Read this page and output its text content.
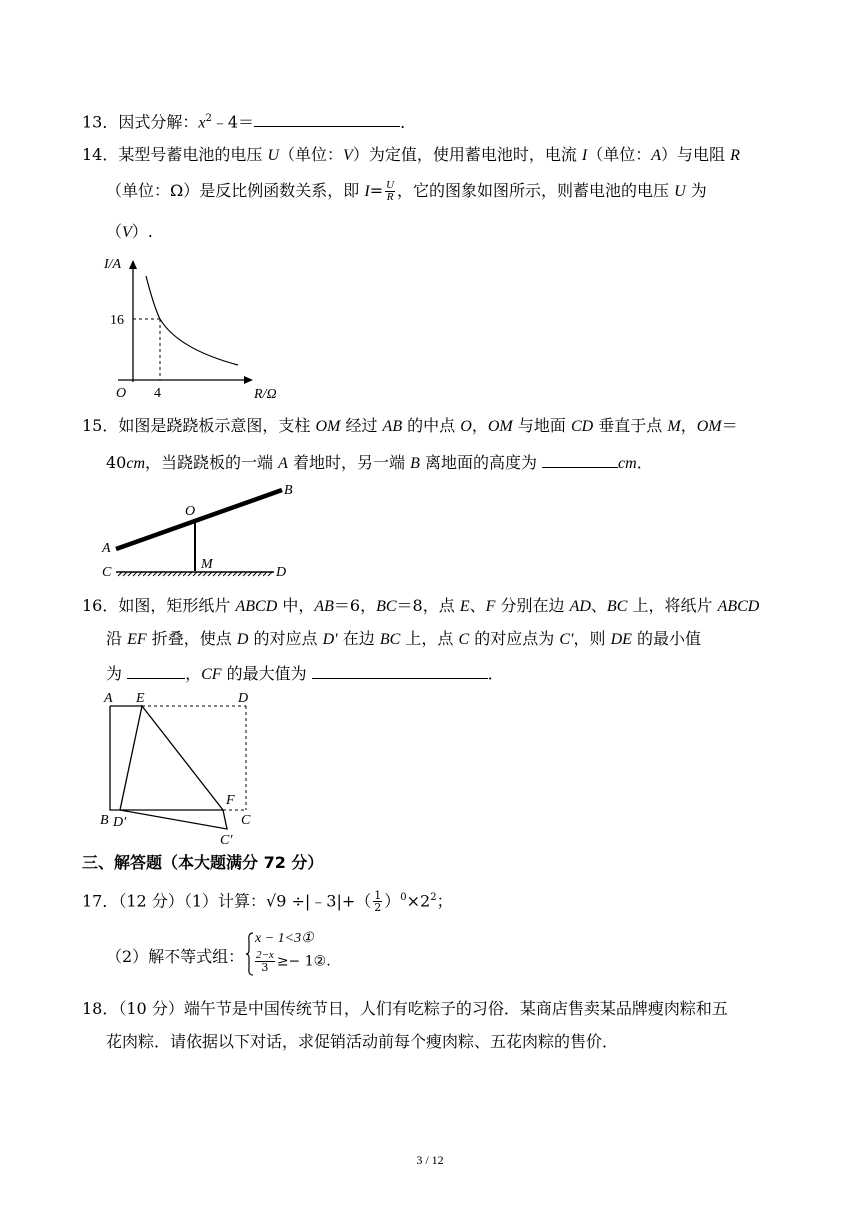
13．因式分解：$x^2﹣4=$	．
14．某型号蓄电池的电压 U（单位：V）为定值，使用蓄电池时，电流 I（单位：A）与电阻 R
（单位：Ω）是反比例函数关系，即 $I= \frac{U}{R}$ ，它的图象如图所示，则蓄电池的电压 U 为
（V）.
I/A
R/Ω
O
16
4
15．如图是跷跷板示意图，支柱 OM 经过 AB 的中点 O，OM 与地面 CD 垂直于点 M，OM＝
40cm，当跷跷板的一端 A 着地时，另一端 B 离地面的高度为	cm．
A
B
O
M
C	D
16．如图，矩形纸片 ABCD 中，AB＝6，BC＝8，点 E、F 分别在边 AD、BC 上，将纸片 ABCD
沿 EF 折叠，使点 D 的对应点 D′ 在边 BC 上，点 C 的对应点为 C′，则 DE 的最小值
为	，CF 的最大值为	．
A E	D
F
B D′	C
C′
三、解答题（本大题满分 72 分）
17．（12 分）（1）计算：√9 ÷|﹣3|+（ $\frac{1}{2} )^0\times 2^2$；
（2）解不等式组：
x − 1<3①
$\frac{2-x}{3}$ ≥− 1②.
18．（10 分）端午节是中国传统节日，人们有吃粽子的习俗．某商店售卖某品牌瘦肉粽和五
花肉粽．请依据以下对话，求促销活动前每个瘦肉粽、五花肉粽的售价．
3 / 12
